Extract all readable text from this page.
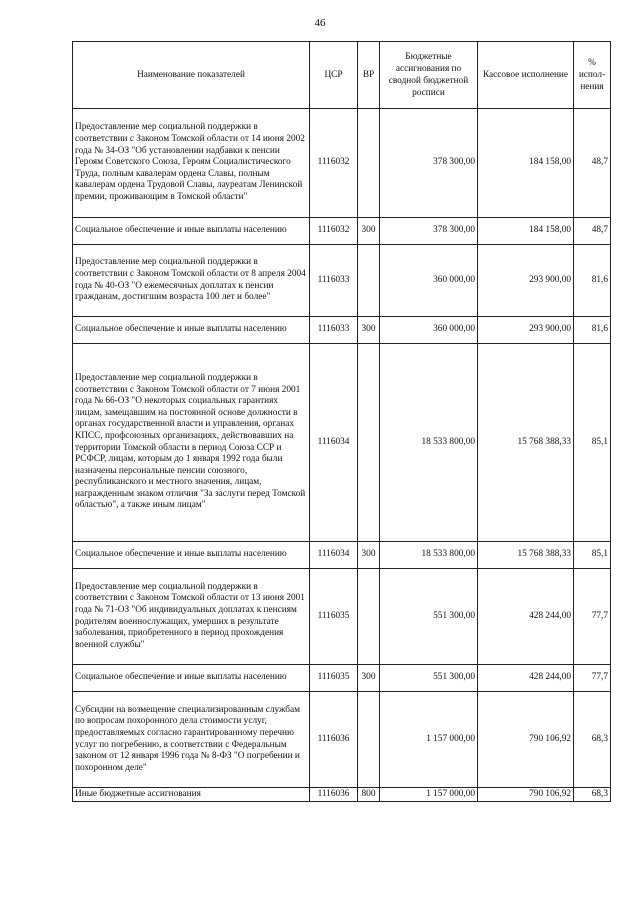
46
Наименование показателей	ЦСР	ВР	Бюджетные ассигнования по сводной бюджетной росписи	Кассовое исполнение	% испол- нения
Предоставление мер социальной поддержки в соответствии с Законом Томской области от 14 июня 2002 года № 34-ОЗ "Об установлении надбавки к пенсии Героям Советского Союза, Героям Социалистического Труда, полным кавалерам ордена Славы, полным кавалерам ордена Трудовой Славы, лауреатам Ленинской премии, проживающим в Томской области"	1116032		378 300,00	184 158,00	48,7
Социальное обеспечение и иные выплаты населению	1116032	300	378 300,00	184 158,00	48,7
Предоставление мер социальной поддержки в соответствии с Законом Томской области от 8 апреля 2004 года № 40-ОЗ "О ежемесячных доплатах к пенсии гражданам, достигшим возраста 100 лет и более"	1116033		360 000,00	293 900,00	81,6
Социальное обеспечение и иные выплаты населению	1116033	300	360 000,00	293 900,00	81,6
Предоставление мер социальной поддержки в соответствии с Законом Томской области от 7 июня 2001 года № 66-ОЗ "О некоторых социальных гарантиях лицам, замещавшим на постоянной основе должности в органах государственной власти и управления, органах КПСС, профсоюзных организациях, действовавших на территории Томской области в период Союза ССР и РСФСР, лицам, которым до 1 января 1992 года были назначены персональные пенсии союзного, республиканского и местного значения, лицам, награжденным знаком отличия "За заслуги перед Томской областью", а также иным лицам"	1116034		18 533 800,00	15 768 388,33	85,1
Социальное обеспечение и иные выплаты населению	1116034	300	18 533 800,00	15 768 388,33	85,1
Предоставление мер социальной поддержки в соответствии с Законом Томской области от 13 июня 2001 года № 71-ОЗ "Об индивидуальных доплатах к пенсиям родителям военнослужащих, умерших в результате заболевания, приобретенного в период прохождения военной службы"	1116035		551 300,00	428 244,00	77,7
Социальное обеспечение и иные выплаты населению	1116035	300	551 300,00	428 244,00	77,7
Субсидии на возмещение специализированным службам по вопросам похоронного дела стоимости услуг, предоставляемых согласно гарантированному перечню услуг по погребению, в соответствии с Федеральным законом от 12 января 1996 года № 8-ФЗ "О погребении и похоронном деле"	1116036		1 157 000,00	790 106,92	68,3
Иные бюджетные ассигнования	1116036	800	1 157 000,00	790 106,92	68,3
